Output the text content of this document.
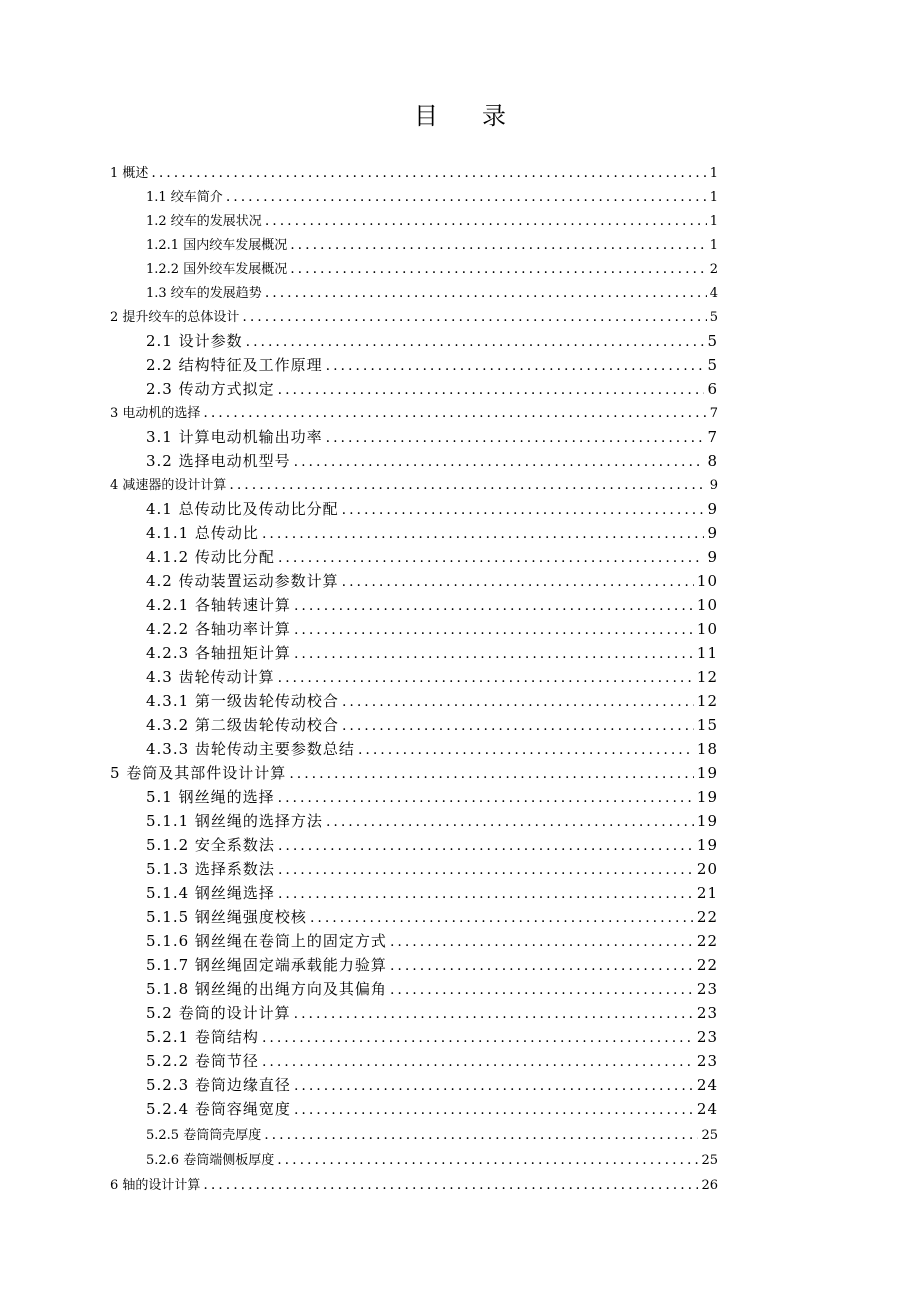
目 录
1 概述 .....	1
1.1 绞车简介 .....	1
1.2 绞车的发展状况 .....	1
1.2.1 国内绞车发展概况 .....	1
1.2.2 国外绞车发展概况 .....	2
1.3 绞车的发展趋势 .....	4
2 提升绞车的总体设计 .....	5
2.1 设计参数 .....	5
2.2 结构特征及工作原理 .....	5
2.3 传动方式拟定 .....	6
3 电动机的选择 .....	7
3.1 计算电动机输出功率 .....	7
3.2 选择电动机型号 .....	8
4 减速器的设计计算 .....	9
4.1 总传动比及传动比分配 .....	9
4.1.1 总传动比 .....	9
4.1.2 传动比分配 .....	9
4.2 传动装置运动参数计算 .....	10
4.2.1 各轴转速计算 .....	10
4.2.2 各轴功率计算 .....	10
4.2.3 各轴扭矩计算 .....	11
4.3 齿轮传动计算 .....	12
4.3.1 第一级齿轮传动校合 .....	12
4.3.2 第二级齿轮传动校合 .....	15
4.3.3 齿轮传动主要参数总结 .....	18
5 卷筒及其部件设计计算 .....	19
5.1 钢丝绳的选择 .....	19
5.1.1 钢丝绳的选择方法 .....	19
5.1.2 安全系数法 .....	19
5.1.3 选择系数法 .....	20
5.1.4 钢丝绳选择 .....	21
5.1.5 钢丝绳强度校核 .....	22
5.1.6 钢丝绳在卷筒上的固定方式 .....	22
5.1.7 钢丝绳固定端承载能力验算 .....	22
5.1.8 钢丝绳的出绳方向及其偏角 .....	23
5.2 卷筒的设计计算 .....	23
5.2.1 卷筒结构 .....	23
5.2.2 卷筒节径 .....	23
5.2.3 卷筒边缘直径 .....	24
5.2.4 卷筒容绳宽度 .....	24
5.2.5 卷筒筒壳厚度 .....	25
5.2.6 卷筒端侧板厚度 .....	25
6 轴的设计计算 .....	26
